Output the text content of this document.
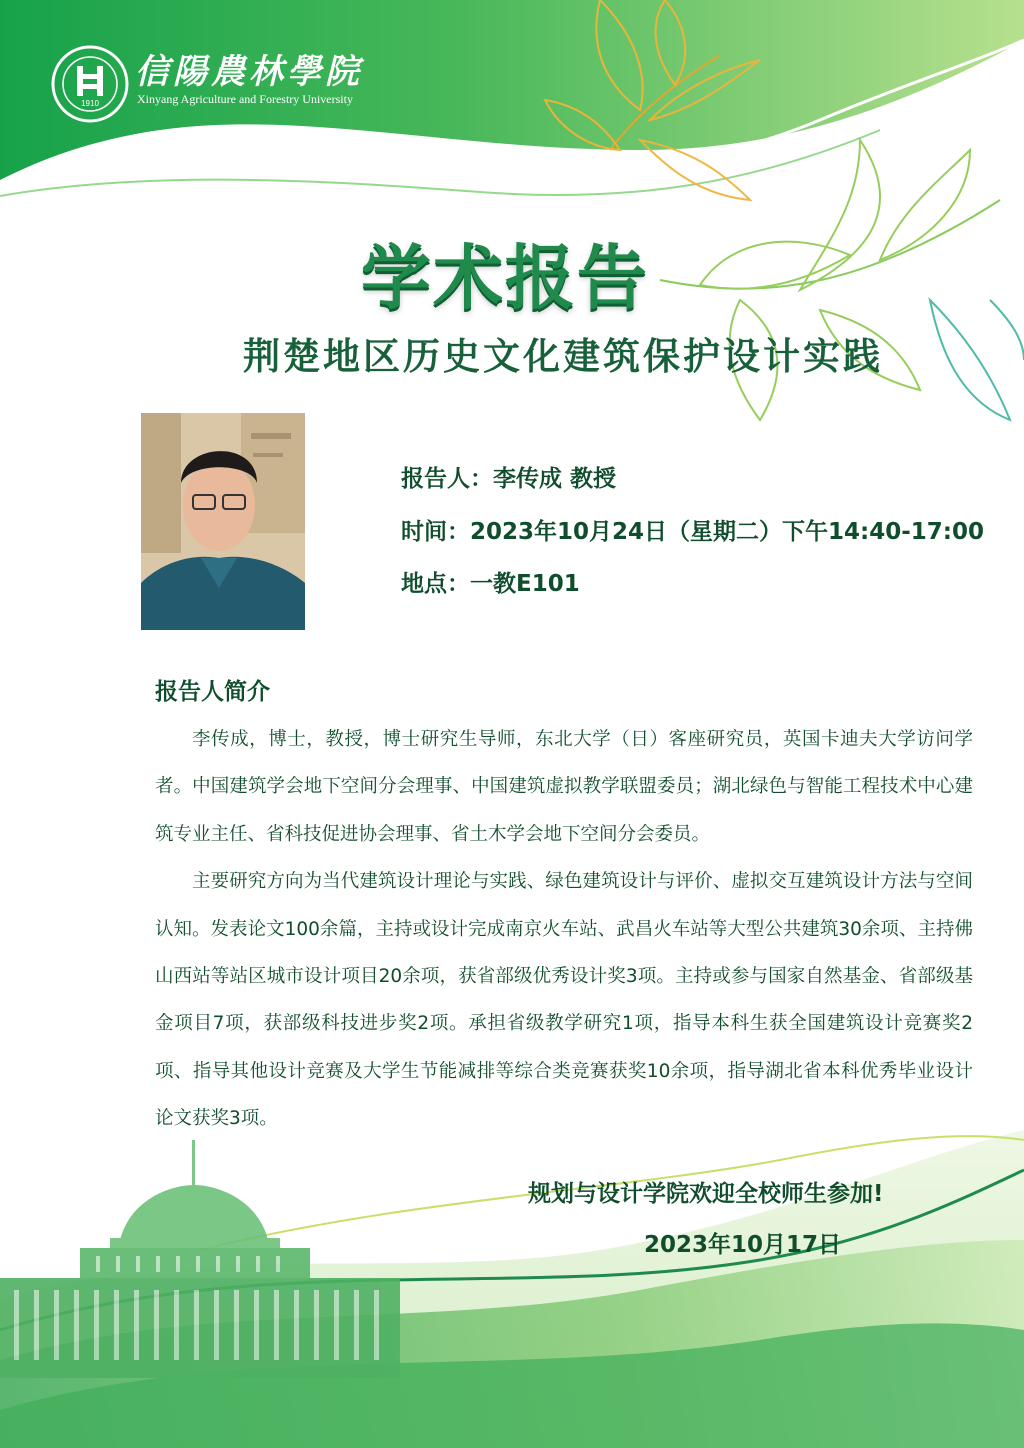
1910
信陽農林學院
Xinyang Agriculture and Forestry University
学术报告
荆楚地区历史文化建筑保护设计实践
报告人：李传成 教授
时间：2023年10月24日（星期二）下午14:40-17:00
地点：一教E101
报告人简介

李传成，博士，教授，博士研究生导师，东北大学（日）客座研究员，英国卡迪夫大学访问学者。中国建筑学会地下空间分会理事、中国建筑虚拟教学联盟委员；湖北绿色与智能工程技术中心建筑专业主任、省科技促进协会理事、省土木学会地下空间分会委员。

主要研究方向为当代建筑设计理论与实践、绿色建筑设计与评价、虚拟交互建筑设计方法与空间认知。发表论文100余篇，主持或设计完成南京火车站、武昌火车站等大型公共建筑30余项、主持佛山西站等站区城市设计项目20余项，获省部级优秀设计奖3项。主持或参与国家自然基金、省部级基金项目7项，获部级科技进步奖2项。承担省级教学研究1项，指导本科生获全国建筑设计竞赛奖2项、指导其他设计竞赛及大学生节能减排等综合类竞赛获奖10余项，指导湖北省本科优秀毕业设计论文获奖3项。

规划与设计学院欢迎全校师生参加!
2023年10月17日
